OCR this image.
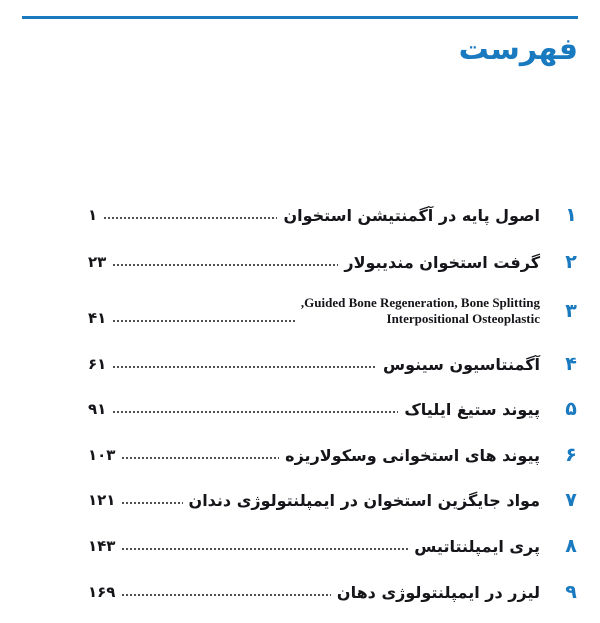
فهرست
۱
اصول پایه در آگمنتیشن استخوان
۱
۲
گرفت استخوان مندیبولار
۲۳
۳
Guided Bone Regeneration, Bone Splitting,
Interpositional Osteoplastic
۴۱
۴
آگمنتاسیون سینوس
۶۱
۵
پیوند ستیغ ایلیاک
۹۱
۶
پیوند های استخوانی وسکولاریزه
۱۰۳
۷
مواد جایگزین استخوان در ایمپلنتولوژی دندان
۱۲۱
۸
پری ایمپلنتاتیس
۱۴۳
۹
لیزر در ایمپلنتولوژی دهان
۱۶۹
